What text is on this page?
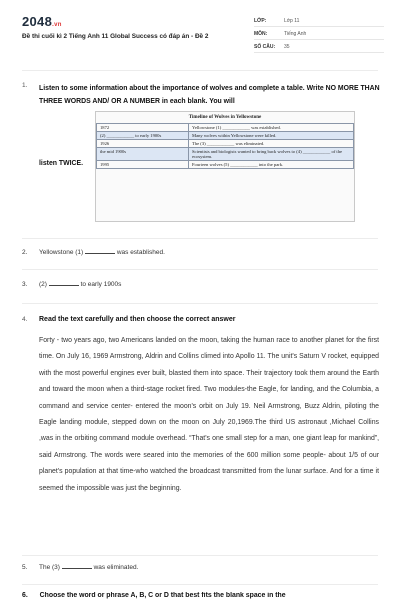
2048.vn
Đề thi cuối kì 2 Tiếng Anh 11 Global Success có đáp án - Đề 2
LỚP:	Lớp 11
MÔN:	Tiếng Anh
SỐ CÂU:	35
1. Listen to some information about the importance of wolves and complete a table. Write NO MORE THAN THREE WORDS AND/ OR A NUMBER in each blank. You will
listen TWICE.
Timeline of Wolves in Yellowstone
1872	Yellowstone (1) ____________ was established.
(2) ____________ to early 1900s	Many wolves within Yellowstone were killed.
1926	The (3) ____________ was eliminated.
the mid 1900s	Scientists and biologists wanted to bring back wolves to (4) ____________ of the ecosystem.
1995	Fourteen wolves (5) ____________ into the park.
2. Yellowstone (1)	was established.
3. (2)	to early 1900s
4. Read the text carefully and then choose the correct answer
Forty - two years ago, two Americans landed on the moon, taking the human race to another planet for the first time. On July 16, 1969 Armstrong, Aldrin and Collins climed into Apollo 11. The unit's Saturn V rocket, equipped with the most powerful engines ever built, blasted them into space. Their trajectory took them around the Earth and toward the moon when a third-stage rocket fired. Two modules-the Eagle, for landing, and the Columbia, a command and service center- entered the moon's orbit on July 19. Neil Armstrong, Buzz Aldrin, piloting the Eagle landing module, stepped down on the moon on July 20,1969.The third US astronaut ,Michael Collins ,was in the orbiting command module overhead. “That's one small step for a man, one giant leap for mankind”, said Armstrong. The words were seared into the memories of the 600 million some people- about 1/5 of our planet's population at that time-who watched the broadcast transmitted from the lunar surface. And for a time it seemed the impossible was just the beginning.
5. The (3)	was eliminated.
6. Choose the word or phrase A, B, C or D that best fits the blank space in the
